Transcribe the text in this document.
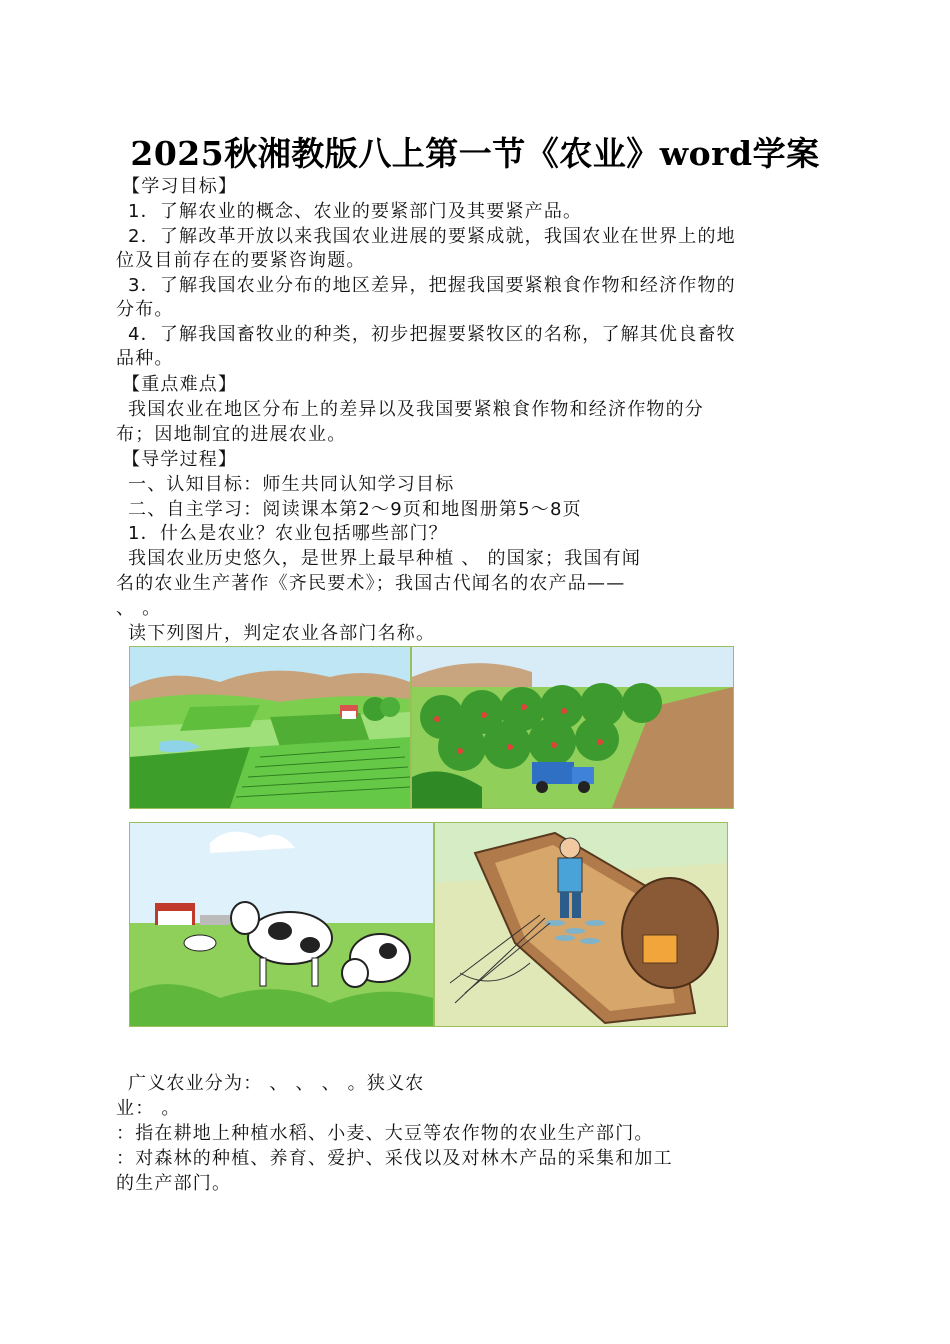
2025秋湘教版八上第一节《农业》word学案
【学习目标】
1．了解农业的概念、农业的要紧部门及其要紧产品。
2．了解改革开放以来我国农业进展的要紧成就，我国农业在世界上的地
位及目前存在的要紧咨询题。
3．了解我国农业分布的地区差异，把握我国要紧粮食作物和经济作物的
分布。
4．了解我国畜牧业的种类，初步把握要紧牧区的名称，了解其优良畜牧
品种。
【重点难点】
我国农业在地区分布上的差异以及我国要紧粮食作物和经济作物的分
布；因地制宜的进展农业。
【导学过程】
一、认知目标：师生共同认知学习目标
二、自主学习：阅读课本第2～9页和地图册第5～8页
1．什么是农业？农业包括哪些部门？
我国农业历史悠久，是世界上最早种植 、 的国家；我国有闻
名的农业生产著作《齐民要术》；我国古代闻名的农产品——
、 。
读下列图片，判定农业各部门名称。
广义农业分为： 、 、 、 。狭义农
业： 。
：指在耕地上种植水稻、小麦、大豆等农作物的农业生产部门。
：对森林的种植、养育、爱护、采伐以及对林木产品的采集和加工
的生产部门。
